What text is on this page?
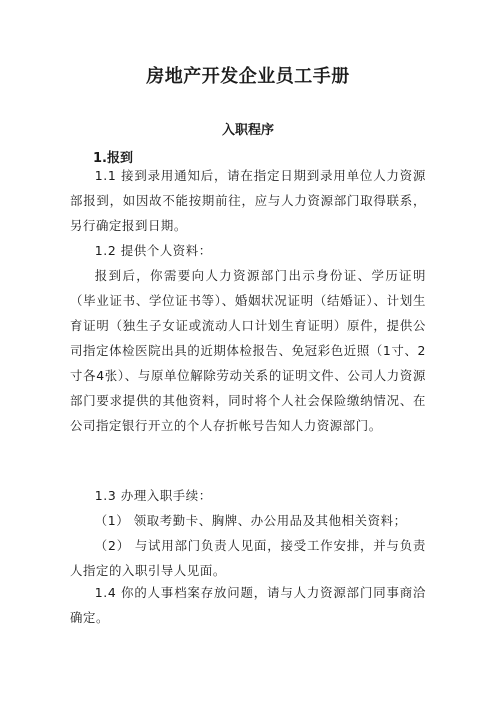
房地产开发企业员工手册
入职程序
1.报到

1.1 接到录用通知后，请在指定日期到录用单位人力资源部报到，如因故不能按期前往，应与人力资源部门取得联系，另行确定报到日期。

1.2 提供个人资料：

报到后，你需要向人力资源部门出示身份证、学历证明（毕业证书、学位证书等）、婚姻状况证明（结婚证）、计划生育证明（独生子女证或流动人口计划生育证明）原件，提供公司指定体检医院出具的近期体检报告、免冠彩色近照（1寸、2寸各4张）、与原单位解除劳动关系的证明文件、公司人力资源部门要求提供的其他资料，同时将个人社会保险缴纳情况、在公司指定银行开立的个人存折帐号告知人力资源部门。

1.3 办理入职手续：

（1） 领取考勤卡、胸牌、办公用品及其他相关资料；

（2） 与试用部门负责人见面，接受工作安排，并与负责人指定的入职引导人见面。

1.4 你的人事档案存放问题，请与人力资源部门同事商洽确定。
